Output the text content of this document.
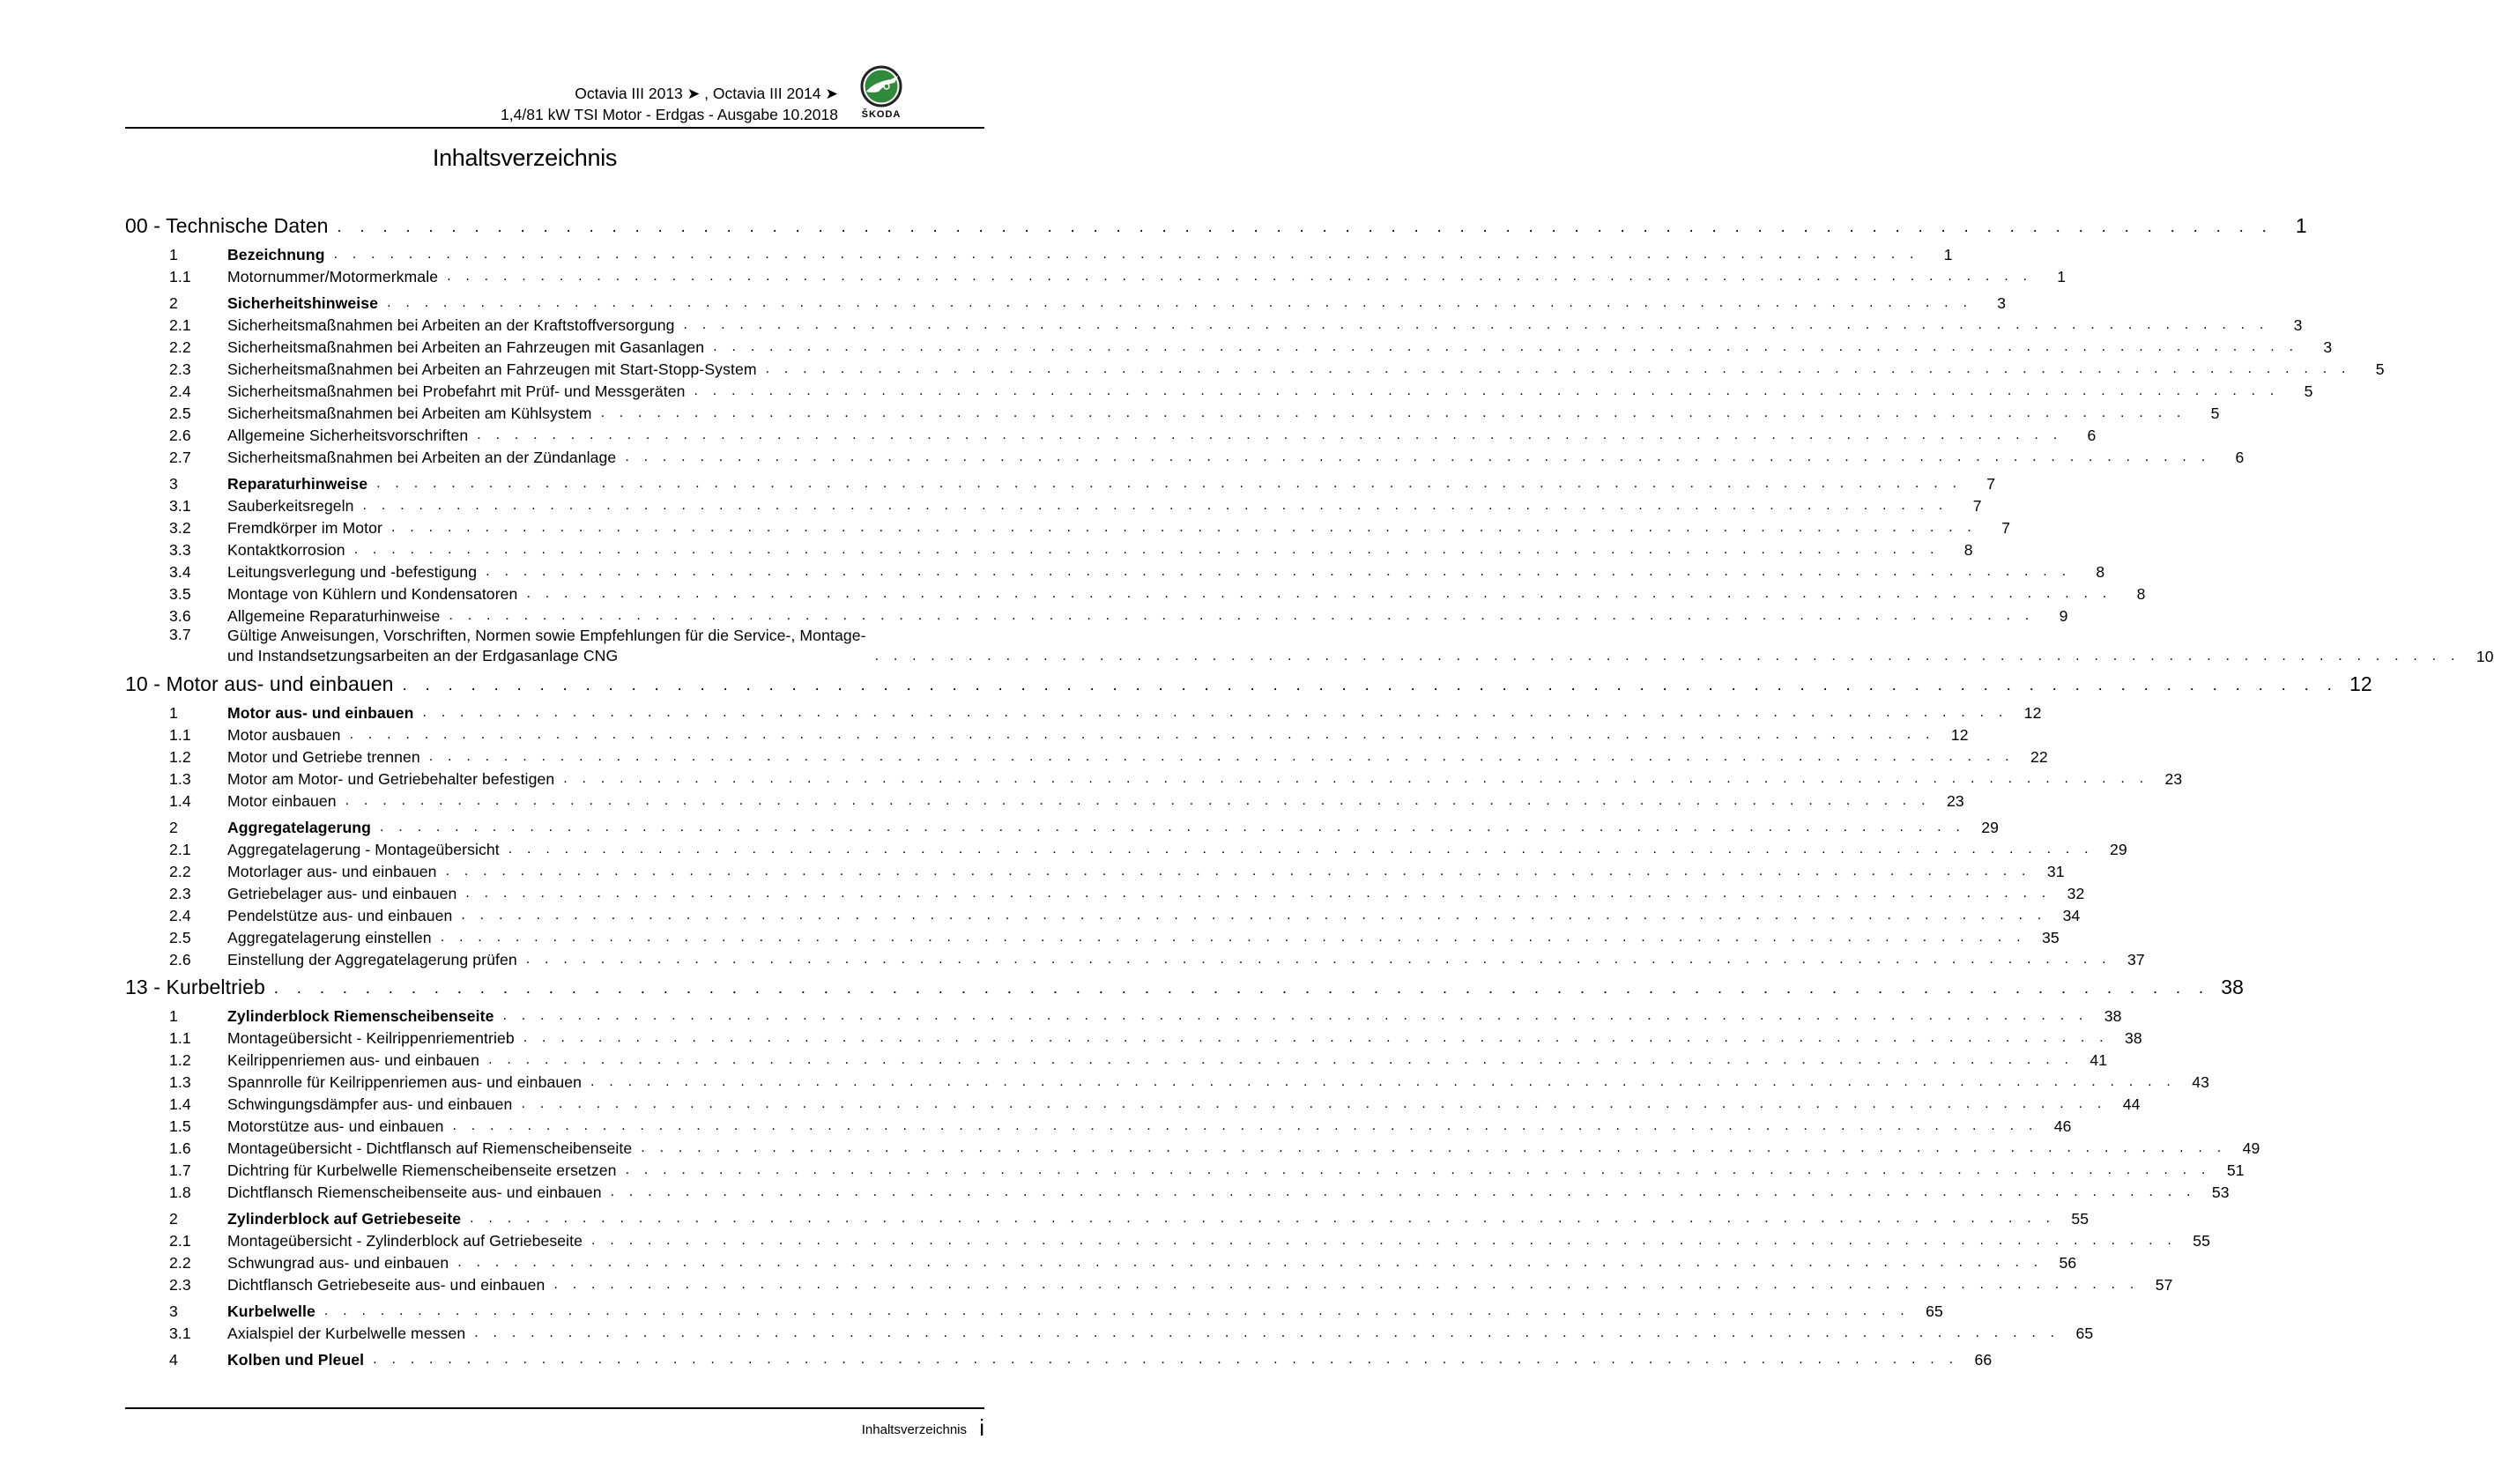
Octavia III 2013 ➤ , Octavia III 2014 ➤
1,4/81 kW TSI Motor - Erdgas - Ausgabe 10.2018	ŠKODA
Inhaltsverzeichnis
00 - Technische Daten . . . . . . . . . . . . . . . . . . . . . . . . . . . . . . . . . . . . . . . . . . . . . . . . . . . . . . . . . . . . . . . . . . . . . . . . . . . . . . . . . . . . .	1
1	Bezeichnung . . . . . . . . . . . . . . . . . . . . . . . . . . . . . . . . . . . . . . . . . . . . . . . . . . . . . . . . . . . . . . . . . . . . . . . . . . . . . . . . . . . . .	1
1.1	Motornummer/Motormerkmale . . . . . . . . . . . . . . . . . . . . . . . . . . . . . . . . . . . . . . . . . . . . . . . . . . . . . . . . . . . . . . . . . . . . . . . . . . . . . . . . . . . . .	1
2	Sicherheitshinweise . . . . . . . . . . . . . . . . . . . . . . . . . . . . . . . . . . . . . . . . . . . . . . . . . . . . . . . . . . . . . . . . . . . . . . . . . . . . . . . . . . . . .	3
2.1	Sicherheitsmaßnahmen bei Arbeiten an der Kraftstoffversorgung . . . . . . . . . . . . . . . . . . . . . . . . . . . . . . . . . . . . . . . . . . . . . . . . . . . . . . . . . . . . . . . . . . . . . . . . . . . . . . . . . . . . .	3
2.2	Sicherheitsmaßnahmen bei Arbeiten an Fahrzeugen mit Gasanlagen . . . . . . . . . . . . . . . . . . . . . . . . . . . . . . . . . . . . . . . . . . . . . . . . . . . . . . . . . . . . . . . . . . . . . . . . . . . . . . . . . . . . .	3
2.3	Sicherheitsmaßnahmen bei Arbeiten an Fahrzeugen mit Start-Stopp-System . . . . . . . . . . . . . . . . . . . . . . . . . . . . . . . . . . . . . . . . . . . . . . . . . . . . . . . . . . . . . . . . . . . . . . . . . . . . . . . . . . . . .	5
2.4	Sicherheitsmaßnahmen bei Probefahrt mit Prüf- und Messgeräten . . . . . . . . . . . . . . . . . . . . . . . . . . . . . . . . . . . . . . . . . . . . . . . . . . . . . . . . . . . . . . . . . . . . . . . . . . . . . . . . . . . . .	5
2.5	Sicherheitsmaßnahmen bei Arbeiten am Kühlsystem . . . . . . . . . . . . . . . . . . . . . . . . . . . . . . . . . . . . . . . . . . . . . . . . . . . . . . . . . . . . . . . . . . . . . . . . . . . . . . . . . . . . .	5
2.6	Allgemeine Sicherheitsvorschriften . . . . . . . . . . . . . . . . . . . . . . . . . . . . . . . . . . . . . . . . . . . . . . . . . . . . . . . . . . . . . . . . . . . . . . . . . . . . . . . . . . . . .	6
2.7	Sicherheitsmaßnahmen bei Arbeiten an der Zündanlage . . . . . . . . . . . . . . . . . . . . . . . . . . . . . . . . . . . . . . . . . . . . . . . . . . . . . . . . . . . . . . . . . . . . . . . . . . . . . . . . . . . . .	6
3	Reparaturhinweise . . . . . . . . . . . . . . . . . . . . . . . . . . . . . . . . . . . . . . . . . . . . . . . . . . . . . . . . . . . . . . . . . . . . . . . . . . . . . . . . . . . . .	7
3.1	Sauberkeitsregeln . . . . . . . . . . . . . . . . . . . . . . . . . . . . . . . . . . . . . . . . . . . . . . . . . . . . . . . . . . . . . . . . . . . . . . . . . . . . . . . . . . . . .	7
3.2	Fremdkörper im Motor . . . . . . . . . . . . . . . . . . . . . . . . . . . . . . . . . . . . . . . . . . . . . . . . . . . . . . . . . . . . . . . . . . . . . . . . . . . . . . . . . . . . .	7
3.3	Kontaktkorrosion . . . . . . . . . . . . . . . . . . . . . . . . . . . . . . . . . . . . . . . . . . . . . . . . . . . . . . . . . . . . . . . . . . . . . . . . . . . . . . . . . . . . .	8
3.4	Leitungsverlegung und -befestigung . . . . . . . . . . . . . . . . . . . . . . . . . . . . . . . . . . . . . . . . . . . . . . . . . . . . . . . . . . . . . . . . . . . . . . . . . . . . . . . . . . . . .	8
3.5	Montage von Kühlern und Kondensatoren . . . . . . . . . . . . . . . . . . . . . . . . . . . . . . . . . . . . . . . . . . . . . . . . . . . . . . . . . . . . . . . . . . . . . . . . . . . . . . . . . . . . .	8
3.6	Allgemeine Reparaturhinweise . . . . . . . . . . . . . . . . . . . . . . . . . . . . . . . . . . . . . . . . . . . . . . . . . . . . . . . . . . . . . . . . . . . . . . . . . . . . . . . . . . . . .	9
3.7	Gültige Anweisungen, Vorschriften, Normen sowie Empfehlungen für die Service-, Montage-
und Instandsetzungsarbeiten an der Erdgasanlage CNG	. . . . . . . . . . . . . . . . . . . . . . . . . . . . . . . . . . . . . . . . . . . . . . . . . . . . . . . . . . . . . . . . . . . . . . . . . . . . . . . . . . . . .	10
10 - Motor aus- und einbauen . . . . . . . . . . . . . . . . . . . . . . . . . . . . . . . . . . . . . . . . . . . . . . . . . . . . . . . . . . . . . . . . . . . . . . . . . . . . . . . . . . . . . 12
1	Motor aus- und einbauen . . . . . . . . . . . . . . . . . . . . . . . . . . . . . . . . . . . . . . . . . . . . . . . . . . . . . . . . . . . . . . . . . . . . . . . . . . . . . . . . . . . . .	12
1.1	Motor ausbauen . . . . . . . . . . . . . . . . . . . . . . . . . . . . . . . . . . . . . . . . . . . . . . . . . . . . . . . . . . . . . . . . . . . . . . . . . . . . . . . . . . . . .	12
1.2	Motor und Getriebe trennen . . . . . . . . . . . . . . . . . . . . . . . . . . . . . . . . . . . . . . . . . . . . . . . . . . . . . . . . . . . . . . . . . . . . . . . . . . . . . . . . . . . . .	22
1.3	Motor am Motor- und Getriebehalter befestigen . . . . . . . . . . . . . . . . . . . . . . . . . . . . . . . . . . . . . . . . . . . . . . . . . . . . . . . . . . . . . . . . . . . . . . . . . . . . . . . . . . . . .	23
1.4	Motor einbauen . . . . . . . . . . . . . . . . . . . . . . . . . . . . . . . . . . . . . . . . . . . . . . . . . . . . . . . . . . . . . . . . . . . . . . . . . . . . . . . . . . . . .	23
2	Aggregatelagerung . . . . . . . . . . . . . . . . . . . . . . . . . . . . . . . . . . . . . . . . . . . . . . . . . . . . . . . . . . . . . . . . . . . . . . . . . . . . . . . . . . . . .	29
2.1	Aggregatelagerung - Montageübersicht . . . . . . . . . . . . . . . . . . . . . . . . . . . . . . . . . . . . . . . . . . . . . . . . . . . . . . . . . . . . . . . . . . . . . . . . . . . . . . . . . . . . .	29
2.2	Motorlager aus- und einbauen . . . . . . . . . . . . . . . . . . . . . . . . . . . . . . . . . . . . . . . . . . . . . . . . . . . . . . . . . . . . . . . . . . . . . . . . . . . . . . . . . . . . .	31
2.3	Getriebelager aus- und einbauen . . . . . . . . . . . . . . . . . . . . . . . . . . . . . . . . . . . . . . . . . . . . . . . . . . . . . . . . . . . . . . . . . . . . . . . . . . . . . . . . . . . . .	32
2.4	Pendelstütze aus- und einbauen . . . . . . . . . . . . . . . . . . . . . . . . . . . . . . . . . . . . . . . . . . . . . . . . . . . . . . . . . . . . . . . . . . . . . . . . . . . . . . . . . . . . .	34
2.5	Aggregatelagerung einstellen . . . . . . . . . . . . . . . . . . . . . . . . . . . . . . . . . . . . . . . . . . . . . . . . . . . . . . . . . . . . . . . . . . . . . . . . . . . . . . . . . . . . .	35
2.6	Einstellung der Aggregatelagerung prüfen . . . . . . . . . . . . . . . . . . . . . . . . . . . . . . . . . . . . . . . . . . . . . . . . . . . . . . . . . . . . . . . . . . . . . . . . . . . . . . . . . . . . .	37
13 - Kurbeltrieb . . . . . . . . . . . . . . . . . . . . . . . . . . . . . . . . . . . . . . . . . . . . . . . . . . . . . . . . . . . . . . . . . . . . . . . . . . . . . . . . . . . . . 38
1	Zylinderblock Riemenscheibenseite . . . . . . . . . . . . . . . . . . . . . . . . . . . . . . . . . . . . . . . . . . . . . . . . . . . . . . . . . . . . . . . . . . . . . . . . . . . . . . . . . . . . .	38
1.1	Montageübersicht - Keilrippenriementrieb . . . . . . . . . . . . . . . . . . . . . . . . . . . . . . . . . . . . . . . . . . . . . . . . . . . . . . . . . . . . . . . . . . . . . . . . . . . . . . . . . . . . .	38
1.2	Keilrippenriemen aus- und einbauen . . . . . . . . . . . . . . . . . . . . . . . . . . . . . . . . . . . . . . . . . . . . . . . . . . . . . . . . . . . . . . . . . . . . . . . . . . . . . . . . . . . . .	41
1.3	Spannrolle für Keilrippenriemen aus- und einbauen . . . . . . . . . . . . . . . . . . . . . . . . . . . . . . . . . . . . . . . . . . . . . . . . . . . . . . . . . . . . . . . . . . . . . . . . . . . . . . . . . . . . .	43
1.4	Schwingungsdämpfer aus- und einbauen . . . . . . . . . . . . . . . . . . . . . . . . . . . . . . . . . . . . . . . . . . . . . . . . . . . . . . . . . . . . . . . . . . . . . . . . . . . . . . . . . . . . .	44
1.5	Motorstütze aus- und einbauen . . . . . . . . . . . . . . . . . . . . . . . . . . . . . . . . . . . . . . . . . . . . . . . . . . . . . . . . . . . . . . . . . . . . . . . . . . . . . . . . . . . . .	46
1.6	Montageübersicht - Dichtflansch auf Riemenscheibenseite . . . . . . . . . . . . . . . . . . . . . . . . . . . . . . . . . . . . . . . . . . . . . . . . . . . . . . . . . . . . . . . . . . . . . . . . . . . . . . . . . . . . .	49
1.7	Dichtring für Kurbelwelle Riemenscheibenseite ersetzen . . . . . . . . . . . . . . . . . . . . . . . . . . . . . . . . . . . . . . . . . . . . . . . . . . . . . . . . . . . . . . . . . . . . . . . . . . . . . . . . . . . . .	51
1.8	Dichtflansch Riemenscheibenseite aus- und einbauen . . . . . . . . . . . . . . . . . . . . . . . . . . . . . . . . . . . . . . . . . . . . . . . . . . . . . . . . . . . . . . . . . . . . . . . . . . . . . . . . . . . . .	53
2	Zylinderblock auf Getriebeseite . . . . . . . . . . . . . . . . . . . . . . . . . . . . . . . . . . . . . . . . . . . . . . . . . . . . . . . . . . . . . . . . . . . . . . . . . . . . . . . . . . . . .	55
2.1	Montageübersicht - Zylinderblock auf Getriebeseite . . . . . . . . . . . . . . . . . . . . . . . . . . . . . . . . . . . . . . . . . . . . . . . . . . . . . . . . . . . . . . . . . . . . . . . . . . . . . . . . . . . . .	55
2.2	Schwungrad aus- und einbauen . . . . . . . . . . . . . . . . . . . . . . . . . . . . . . . . . . . . . . . . . . . . . . . . . . . . . . . . . . . . . . . . . . . . . . . . . . . . . . . . . . . . .	56
2.3	Dichtflansch Getriebeseite aus- und einbauen . . . . . . . . . . . . . . . . . . . . . . . . . . . . . . . . . . . . . . . . . . . . . . . . . . . . . . . . . . . . . . . . . . . . . . . . . . . . . . . . . . . . .	57
3	Kurbelwelle . . . . . . . . . . . . . . . . . . . . . . . . . . . . . . . . . . . . . . . . . . . . . . . . . . . . . . . . . . . . . . . . . . . . . . . . . . . . . . . . . . . . .	65
3.1	Axialspiel der Kurbelwelle messen . . . . . . . . . . . . . . . . . . . . . . . . . . . . . . . . . . . . . . . . . . . . . . . . . . . . . . . . . . . . . . . . . . . . . . . . . . . . . . . . . . . . .	65
4	Kolben und Pleuel . . . . . . . . . . . . . . . . . . . . . . . . . . . . . . . . . . . . . . . . . . . . . . . . . . . . . . . . . . . . . . . . . . . . . . . . . . . . . . . . . . . . .	66
Inhaltsverzeichnis i
